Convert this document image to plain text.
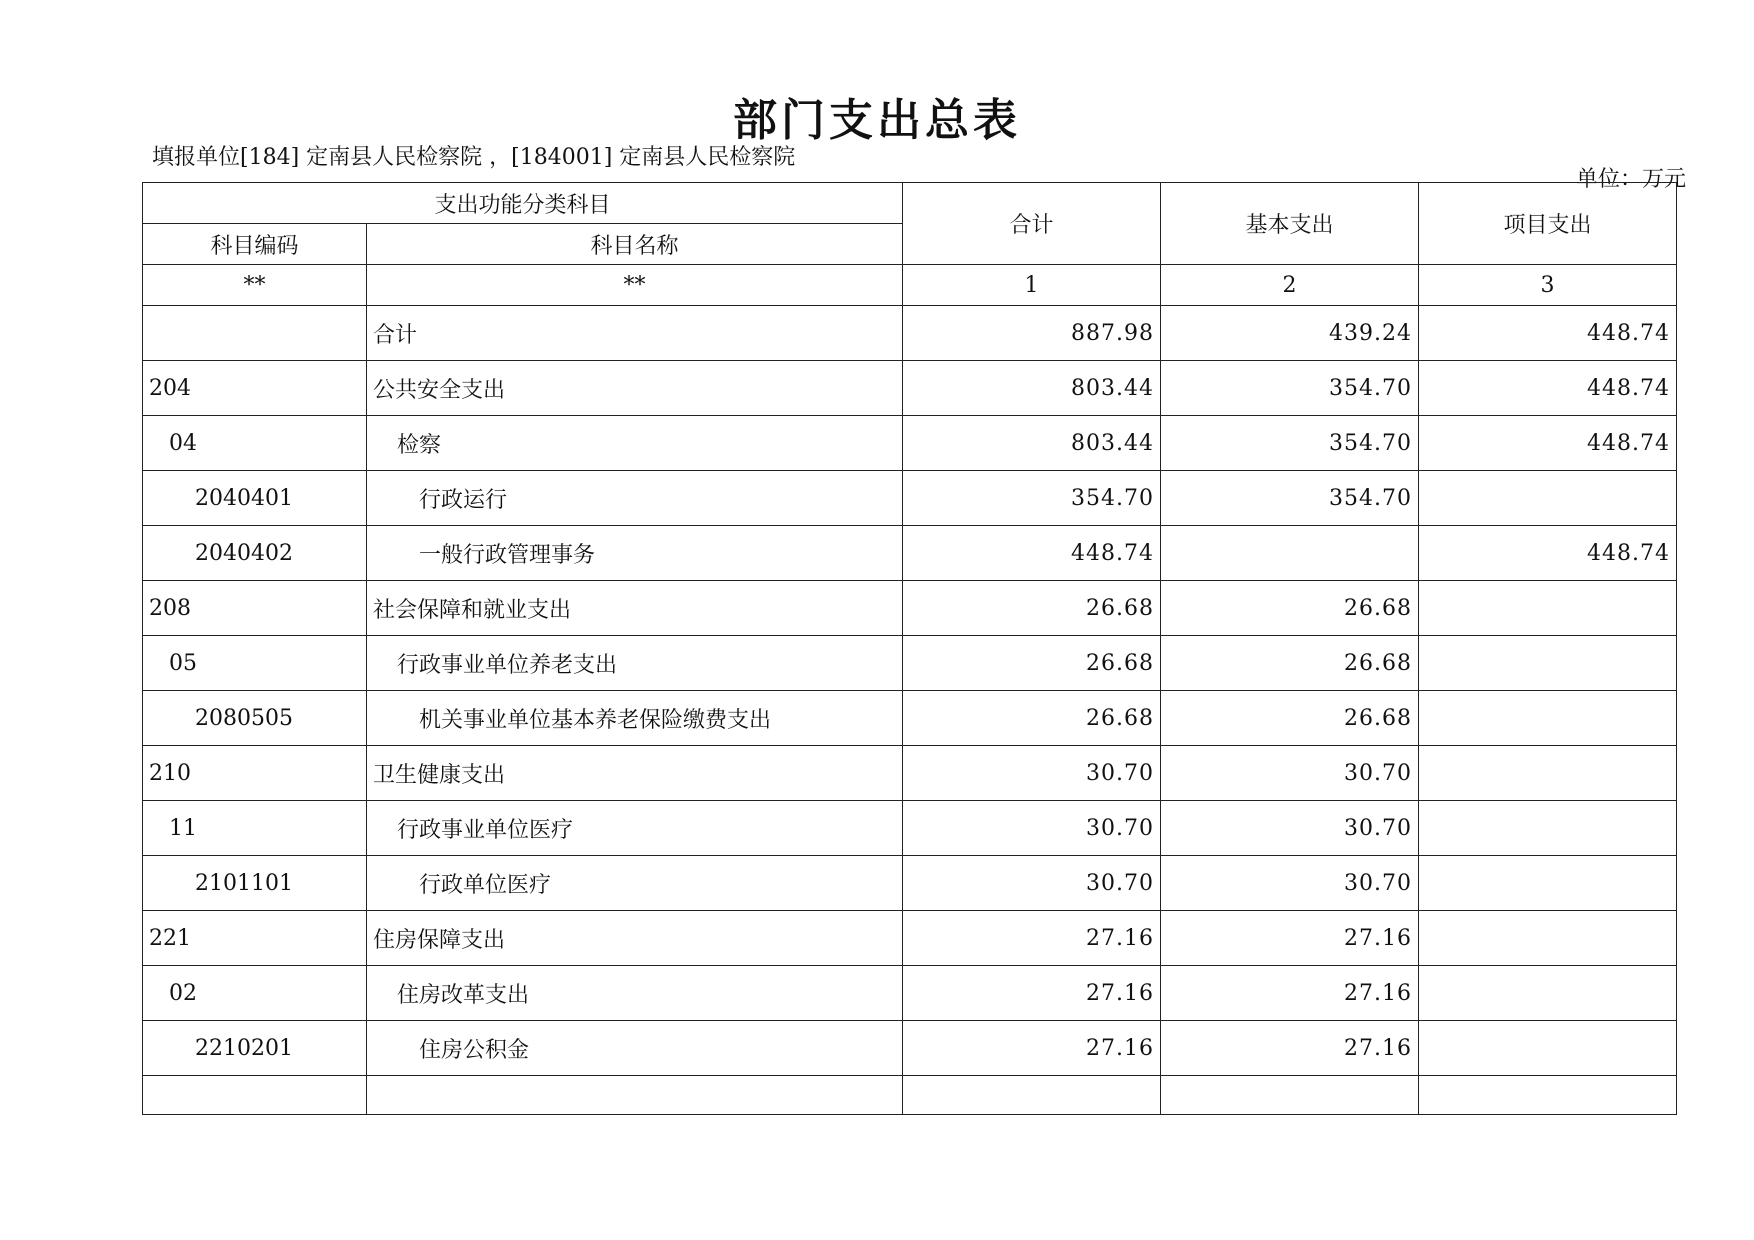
部门支出总表
填报单位[184] 定南县人民检察院 ，[184001] 定南县人民检察院
单位：万元
支出功能分类科目		合计	基本支出	项目支出
科目编码	科目名称			
**	**	1	2	3
	合计	887.98	439.24	448.74
204	公共安全支出	803.44	354.70	448.74
04	检察	803.44	354.70	448.74
2040401	行政运行	354.70	354.70	
2040402	一般行政管理事务	448.74		448.74
208	社会保障和就业支出	26.68	26.68	
05	行政事业单位养老支出	26.68	26.68	
2080505	机关事业单位基本养老保险缴费支出	26.68	26.68	
210	卫生健康支出	30.70	30.70	
11	行政事业单位医疗	30.70	30.70	
2101101	行政单位医疗	30.70	30.70	
221	住房保障支出	27.16	27.16	
02	住房改革支出	27.16	27.16	
2210201	住房公积金	27.16	27.16	
